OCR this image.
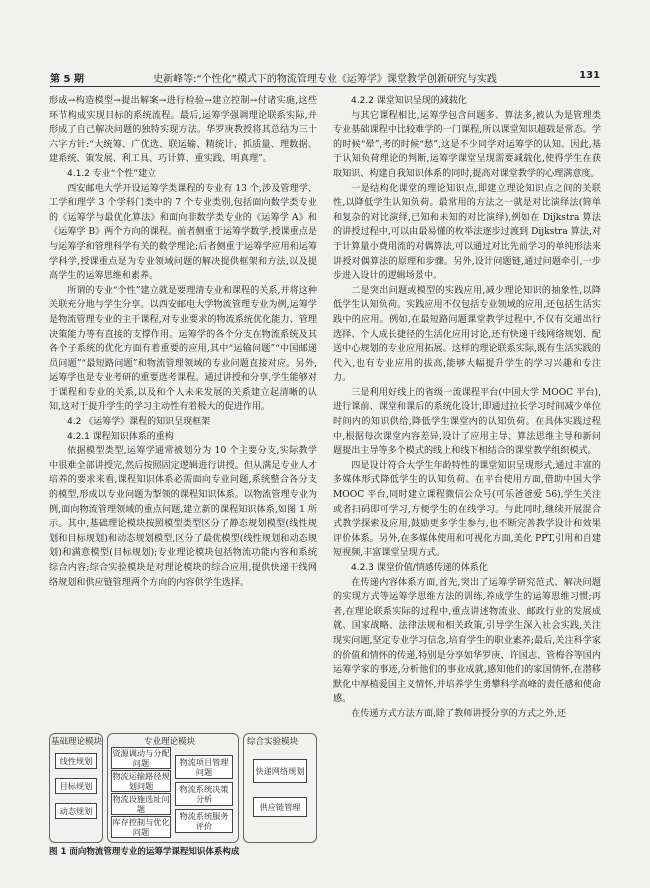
第 5 期	史新峰等:“个性化”模式下的物流管理专业《运筹学》课堂教学创新研究与实践	131

形成→构造模型→提出解案→进行检验→建立控制→付诸实施,这些环节构成实现目标的系统流程。最后,运筹学强调理论联系实际,并形成了自己解决问题的独特实现方法。华罗庚教授将其总结为三十六字方针:“大统筹、广优选、联运输、精统计、抓质量、理数据、建系统、策发展、利工具、巧计算、重实践、明真理”。

4.1.2 专业“个性”建立

西安邮电大学开设运筹学类课程的专业有 13 个,涉及管理学、工学和理学 3 个学科门类中的 7 个专业类别,包括面向数学类专业的《运筹学与最优化算法》和面向非数学类专业的《运筹学 A》和《运筹学 B》两个方向的课程。前者侧重于运筹学数学,授课重点是与运筹学和管理科学有关的数学理论;后者侧重于运筹学应用和运筹学科学,授课重点是为专业领域问题的解决提供框架和方法,以及提高学生的运筹思维和素养。

所谓的专业“个性”建立就是要理清专业和课程的关系,并将这种关联充分地与学生分享。以西安邮电大学物流管理专业为例,运筹学是物流管理专业的主干课程,对专业要求的物流系统优化能力、管理决策能力等有直接的支撑作用。运筹学的各个分支在物流系统及其各个子系统的优化方面有着重要的应用,其中“运输问题”“中国邮递员问题”“最短路问题”和物流管理领域的专业问题直接对应。另外,运筹学也是专业考研的重要选考课程。通过讲授和分享,学生能够对于课程和专业的关系,以及和个人未来发展的关系建立起清晰的认知,这对于提升学生的学习主动性有着极大的促进作用。

4.2 《运筹学》课程的知识呈现框架

4.2.1 课程知识体系的重构

依据模型类型,运筹学通常被划分为 10 个主要分支,实际教学中很难全部讲授完,然后按照固定逻辑进行讲授。但从满足专业人才培养的要求来看,课程知识体系必需面向专业问题,系统整合各分支的模型,形成以专业问题为掣领的课程知识体系。以物流管理专业为例,面向物流管理领域的重点问题,建立新的课程知识体系,如图 1 所示。其中,基础理论模块按照模型类型区分了静态规划模型(线性规划和目标规划)和动态规划模型,区分了最优模型(线性规划和动态规划)和满意模型(目标规划);专业理论模块包括物流功能内容和系统综合内容;综合实验模块是对理论模块的综合应用,提供快递干线网络规划和供应链管理两个方向的内容供学生选择。

基础理论模块
线性规划
目标规划
动态规划
专业理论模块
资源调动与分配问题
物流运输路径规划问题
物流设施选址问题
库存控制与优化问题
物流项目管理问题
物流系统决策分析
物流系统服务评价
综合实验模块
快递网络规划
供应链管理
图 1 面向物流管理专业的运筹学课程知识体系构成

4.2.2 课堂知识呈现的减载化

与其它课程相比,运筹学包含问题多、算法多,被认为是管理类专业基础课程中比较难学的一门课程,所以课堂知识超载是常态。学的时候“晕”,考的时候“愁”,这是不少同学对运筹学的认知。因此,基于认知负荷理论的判断,运筹学课堂呈现需要减载化,使得学生在获取知识、构建自我知识体系的同时,提高对课堂教学的心理满意度。

一是结构化课堂的理论知识点,即建立理论知识点之间的关联性,以降低学生认知负荷。最常用的方法之一就是对比演绎法(简单和复杂的对比演绎,已知和未知的对比演绎),例如在 Dijkstra 算法的讲授过程中,可以由最易懂的枚举法逐步过渡到 Dijkstra 算法,对于计算量小费用流的对偶算法,可以通过对比先前学习的单纯形法来讲授对偶算法的原理和步骤。另外,设计问题链,通过问题牵引,一步步进入设计的逻辑场景中。

二是突出问题或模型的实践应用,减少理论知识的抽象性,以降低学生认知负荷。实践应用不仅包括专业领域的应用,还包括生活实践中的应用。例如,在最短路问题课堂教学过程中,不仅有交通出行选择、个人成长捷径的生活化应用讨论,还有快递干线网络规划、配送中心规划的专业应用拓展。这样的理论联系实际,既有生活实践的代入,也有专业应用的拔高,能够大幅提升学生的学习兴趣和专注力。

三是利用好线上的省级一流课程平台(中国大学 MOOC 平台),进行课前、课堂和课后的系统化设计,即通过拉长学习时间减少单位时间内的知识供给,降低学生课堂内的认知负荷。在具体实践过程中,根据每次课堂内容差异,设计了应用主导、算法思维主导和新问题提出主导等多个模式的线上和线下相结合的课堂教学组织模式。

四是设计符合大学生年龄特性的课堂知识呈现形式,通过丰富的多媒体形式降低学生的认知负荷。在平台使用方面,借助中国大学 MOOC 平台,同时建立课程微信公众号(可乐爸爸爱 56),学生关注或者扫码即可学习,方便学生的在线学习。与此同时,继续开展混合式教学探索及应用,鼓励更多学生参与,也不断完善教学设计和效果评价体系。另外,在多媒体使用和可视化方面,美化 PPT,引用和自建短视频,丰富课堂呈现方式。

4.2.3 课堂价值/情感传递的体系化

在传递内容体系方面,首先,突出了运筹学研究范式、解决问题的实现方式等运筹学思维方法的训练,养成学生的运筹思维习惯;再者,在理论联系实际的过程中,重点讲述物流业、邮政行业的发展成就、国家战略、法律法规和相关政策,引导学生深入社会实践,关注现实问题,坚定专业学习信念,培育学生的职业素养;最后,关注科学家的价值和情怀的传递,特别是分享如华罗庚、许国志、管梅谷等国内运筹学家的事迹,分析他们的事业成就,感知他们的家国情怀,在潜移默化中厚植爱国主义情怀,并培养学生勇攀科学高峰的责任感和使命感。

在传递方式方法方面,除了教师讲授分享的方式之外,还
